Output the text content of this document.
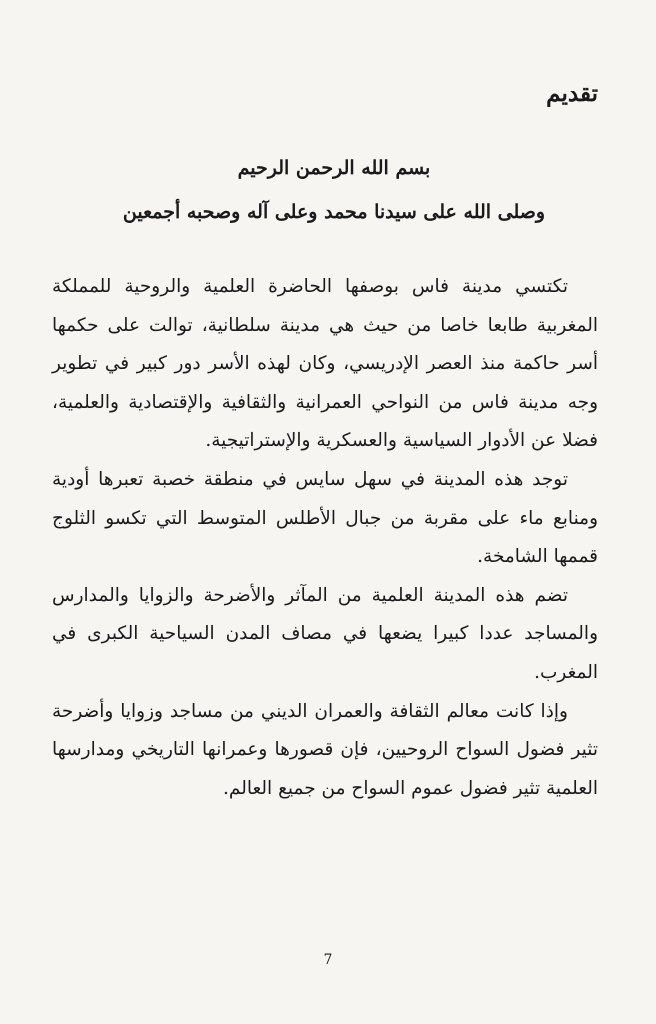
تقديم
بسم الله الرحمن الرحيم
وصلى الله على سيدنا محمد وعلى آله وصحبه أجمعين

تكتسي مدينة فاس بوصفها الحاضرة العلمية والروحية للمملكة المغربية طابعا خاصا من حيث هي مدينة سلطانية، توالت على حكمها أسر حاكمة منذ العصر الإدريسي، وكان لهذه الأسر دور كبير في تطوير وجه مدينة فاس من النواحي العمرانية والثقافية والإقتصادية والعلمية، فضلا عن الأدوار السياسية والعسكرية والإستراتيجية.

توجد هذه المدينة في سهل سايس في منطقة خصبة تعبرها أودية ومنابع ماء على مقربة من جبال الأطلس المتوسط التي تكسو الثلوج قممها الشامخة.

تضم هذه المدينة العلمية من المآثر والأضرحة والزوايا والمدارس والمساجد عددا كبيرا يضعها في مصاف المدن السياحية الكبرى في المغرب.

وإذا كانت معالم الثقافة والعمران الديني من مساجد وزوايا وأضرحة تثير فضول السواح الروحيين، فإن قصورها وعمرانها التاريخي ومدارسها العلمية تثير فضول عموم السواح من جميع العالم.

7
